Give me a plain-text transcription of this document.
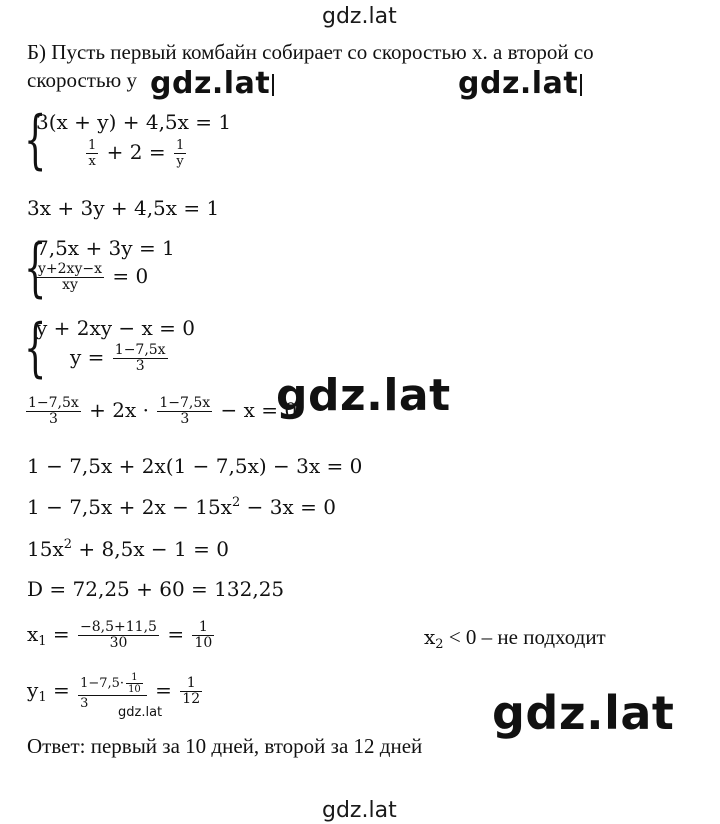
gdz.lat
Б) Пусть первый комбайн собирает со скоростью x. а второй со
скоростью y gdz.lat	gdz.lat
{
3(x + y) + 4,5x = 1
$\frac{1}{x} + 2 = \frac{1}{y}$
3x + 3y + 4,5x = 1
{
7,5x + 3y = 1
$\frac{y+2xy-x}{xy} = 0$
{
y + 2xy − x = 0
$y = \frac{1-7,5x}{3}$
$\frac{1-7,5x}{3} + 2x \cdot \frac{1-7,5x}{3} - x = 0$
gdz.lat
1 − 7,5x + 2x(1 − 7,5x) − 3x = 0
$1 - 7,5x + 2x - 15x^2 - 3x = 0$
$15x^2 + 8,5x - 1 = 0$
D = 72,25 + 60 = 132,25
$x_1 = \frac{-8,5+11,5}{30} = \frac{1}{10}$	$x_2 < 0$ – не подходит
$y_1 = \frac{1-7,5\cdot \frac{1}{10}}{3} = \frac{1}{12}$
gdz.lat	gdz.lat
Ответ: первый за 10 дней, второй за 12 дней
gdz.lat
